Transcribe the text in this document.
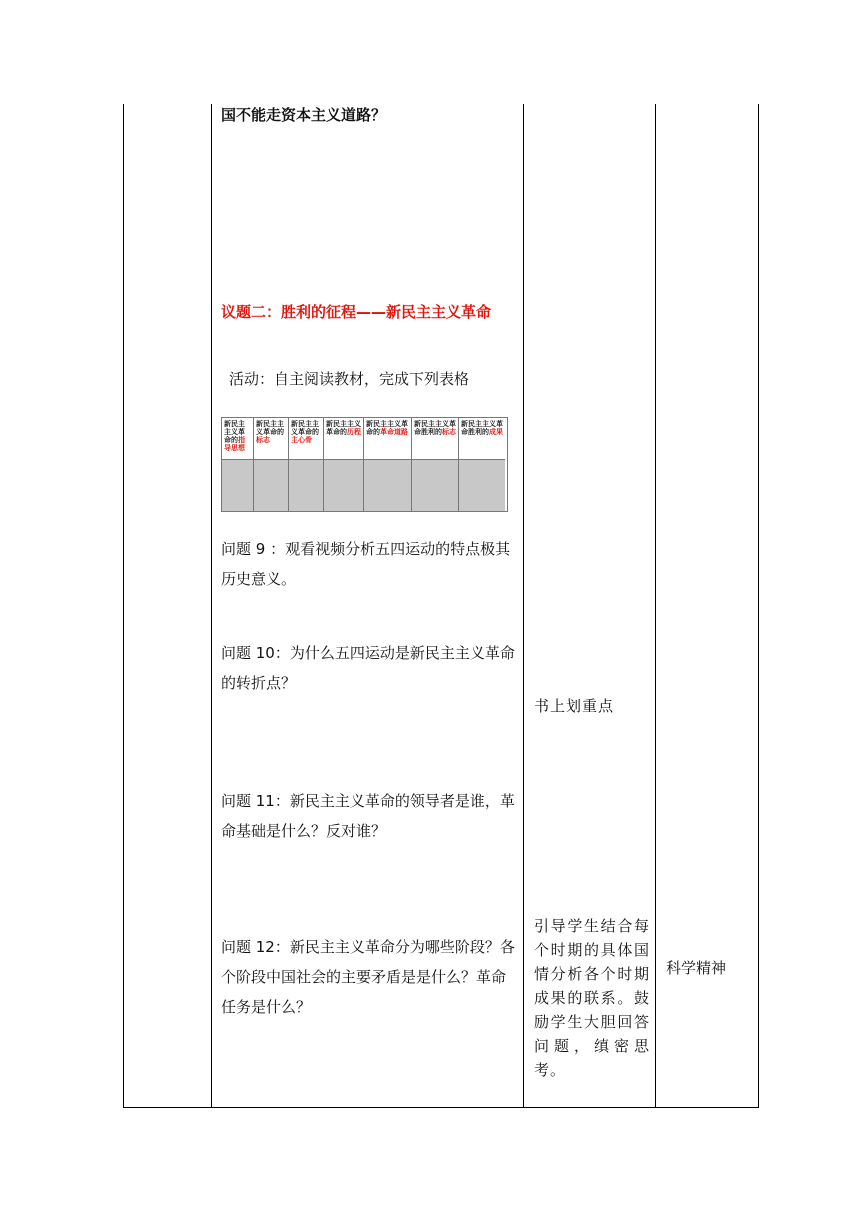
国不能走资本主义道路？
议题二：胜利的征程——新民主主义革命
活动：自主阅读教材，完成下列表格
新民主主义革命的指导思想
新民主主义革命的标志
新民主主义革命的主心骨
新民主主义革命的历程
新民主主义革命的革命道路
新民主主义革命胜利的标志
新民主主义革命胜利的成果
问题 9 ：观看视频分析五四运动的特点极其历史意义。
问题 10：为什么五四运动是新民主主义革命的转折点？
问题 11：新民主主义革命的领导者是谁，革命基础是什么？反对谁？
问题 12：新民主主义革命分为哪些阶段？各个阶段中国社会的主要矛盾是是什么？革命任务是什么？
书上划重点
引导学生结合每个时期的具体国情分析各个时期成果的联系。鼓励学生大胆回答问题，缜密思考。
科学精神
